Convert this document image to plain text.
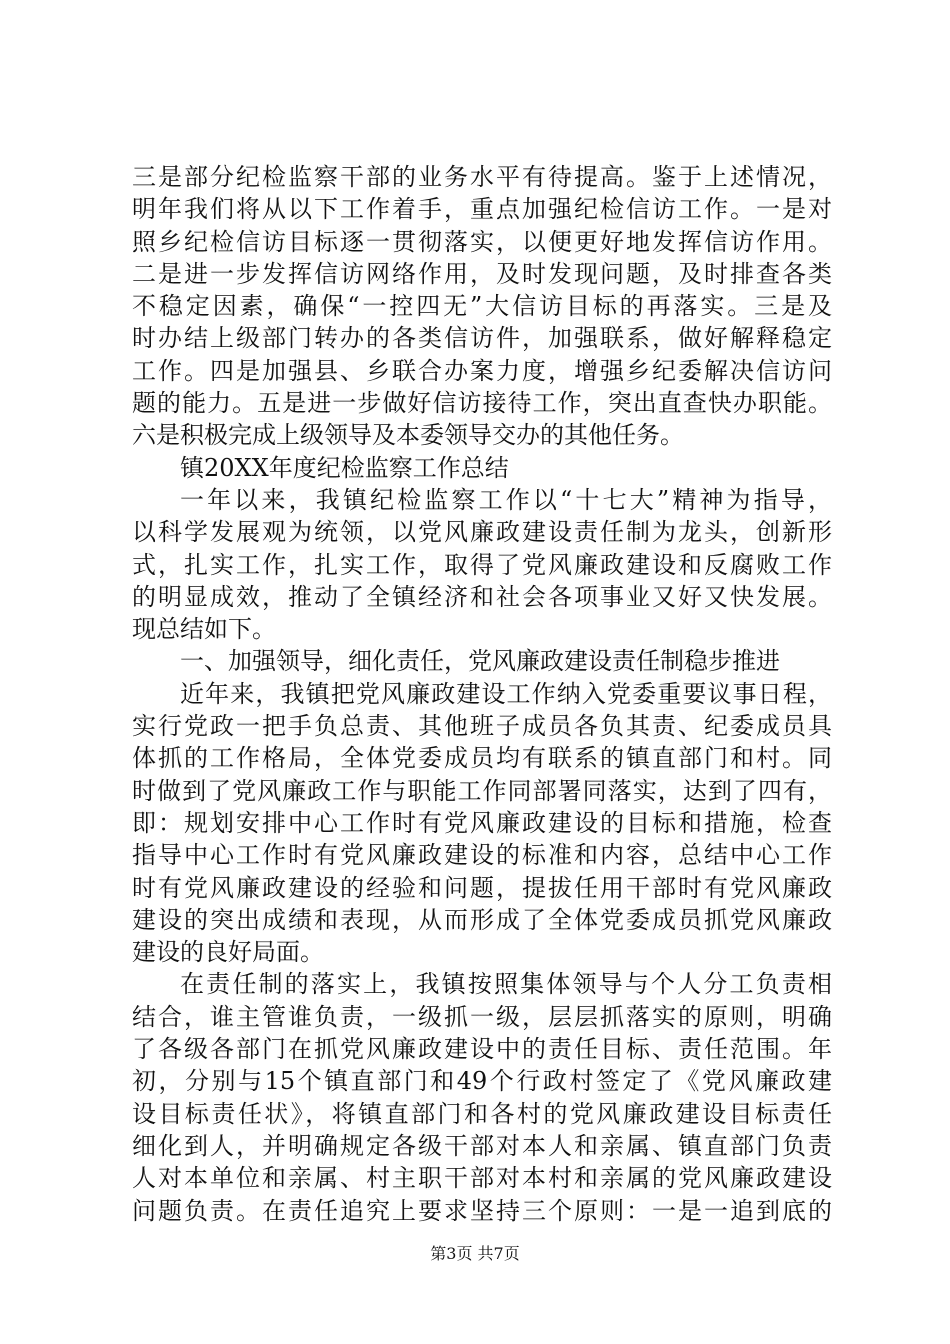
三是部分纪检监察干部的业务水平有待提高。鉴于上述情况，
明年我们将从以下工作着手，重点加强纪检信访工作。一是对
照乡纪检信访目标逐一贯彻落实，以便更好地发挥信访作用。
二是进一步发挥信访网络作用，及时发现问题，及时排查各类
不稳定因素，确保“一控四无”大信访目标的再落实。三是及
时办结上级部门转办的各类信访件，加强联系，做好解释稳定
工作。四是加强县、乡联合办案力度，增强乡纪委解决信访问
题的能力。五是进一步做好信访接待工作，突出直查快办职能。
六是积极完成上级领导及本委领导交办的其他任务。
镇20XX年度纪检监察工作总结
一年以来，我镇纪检监察工作以“十七大”精神为指导，
以科学发展观为统领，以党风廉政建设责任制为龙头，创新形
式，扎实工作，扎实工作，取得了党风廉政建设和反腐败工作
的明显成效，推动了全镇经济和社会各项事业又好又快发展。
现总结如下。
一、加强领导，细化责任，党风廉政建设责任制稳步推进
近年来，我镇把党风廉政建设工作纳入党委重要议事日程，
实行党政一把手负总责、其他班子成员各负其责、纪委成员具
体抓的工作格局，全体党委成员均有联系的镇直部门和村。同
时做到了党风廉政工作与职能工作同部署同落实，达到了四有，
即：规划安排中心工作时有党风廉政建设的目标和措施，检查
指导中心工作时有党风廉政建设的标准和内容，总结中心工作
时有党风廉政建设的经验和问题，提拔任用干部时有党风廉政
建设的突出成绩和表现，从而形成了全体党委成员抓党风廉政
建设的良好局面。
在责任制的落实上，我镇按照集体领导与个人分工负责相
结合，谁主管谁负责，一级抓一级，层层抓落实的原则，明确
了各级各部门在抓党风廉政建设中的责任目标、责任范围。年
初，分别与15个镇直部门和49个行政村签定了《党风廉政建
设目标责任状》，将镇直部门和各村的党风廉政建设目标责任
细化到人，并明确规定各级干部对本人和亲属、镇直部门负责
人对本单位和亲属、村主职干部对本村和亲属的党风廉政建设
问题负责。在责任追究上要求坚持三个原则：一是一追到底的
第3页 共7页
